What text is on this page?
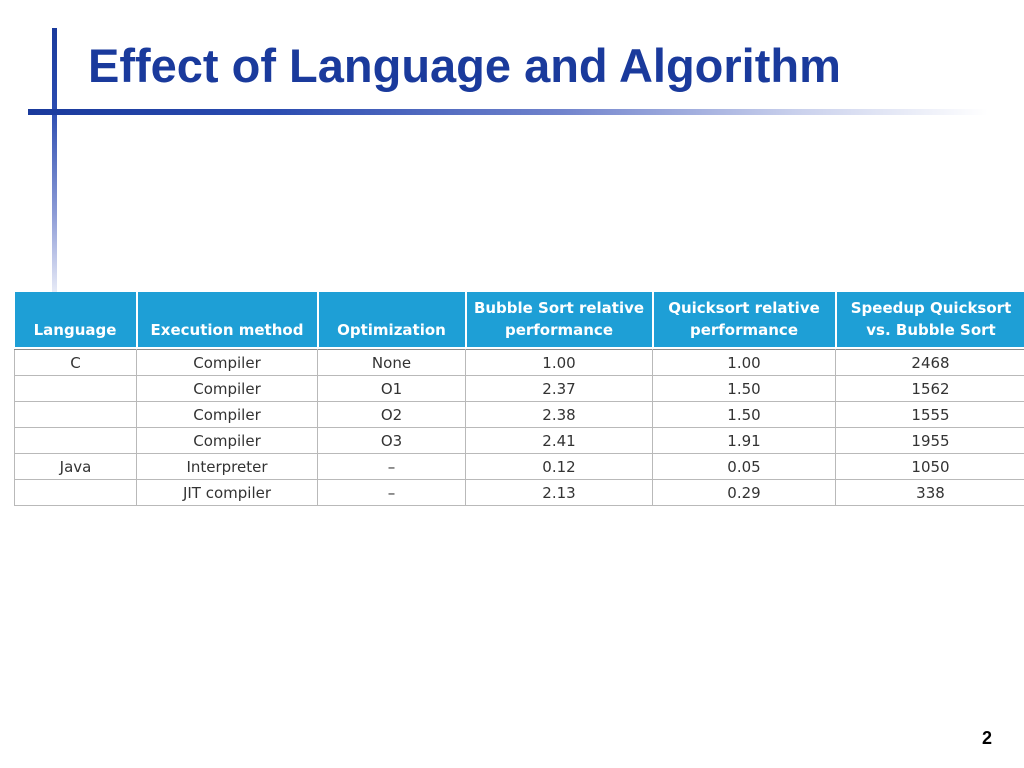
Effect of Language and Algorithm
Language	Execution method	Optimization	Bubble Sort relative performance	Quicksort relative performance	Speedup Quicksort vs. Bubble Sort

C	Compiler	None	1.00	1.00	2468
	Compiler	O1	2.37	1.50	1562
	Compiler	O2	2.38	1.50	1555
	Compiler	O3	2.41	1.91	1955
Java	Interpreter	–	0.12	0.05	1050
	JIT compiler	–	2.13	0.29	338
2
